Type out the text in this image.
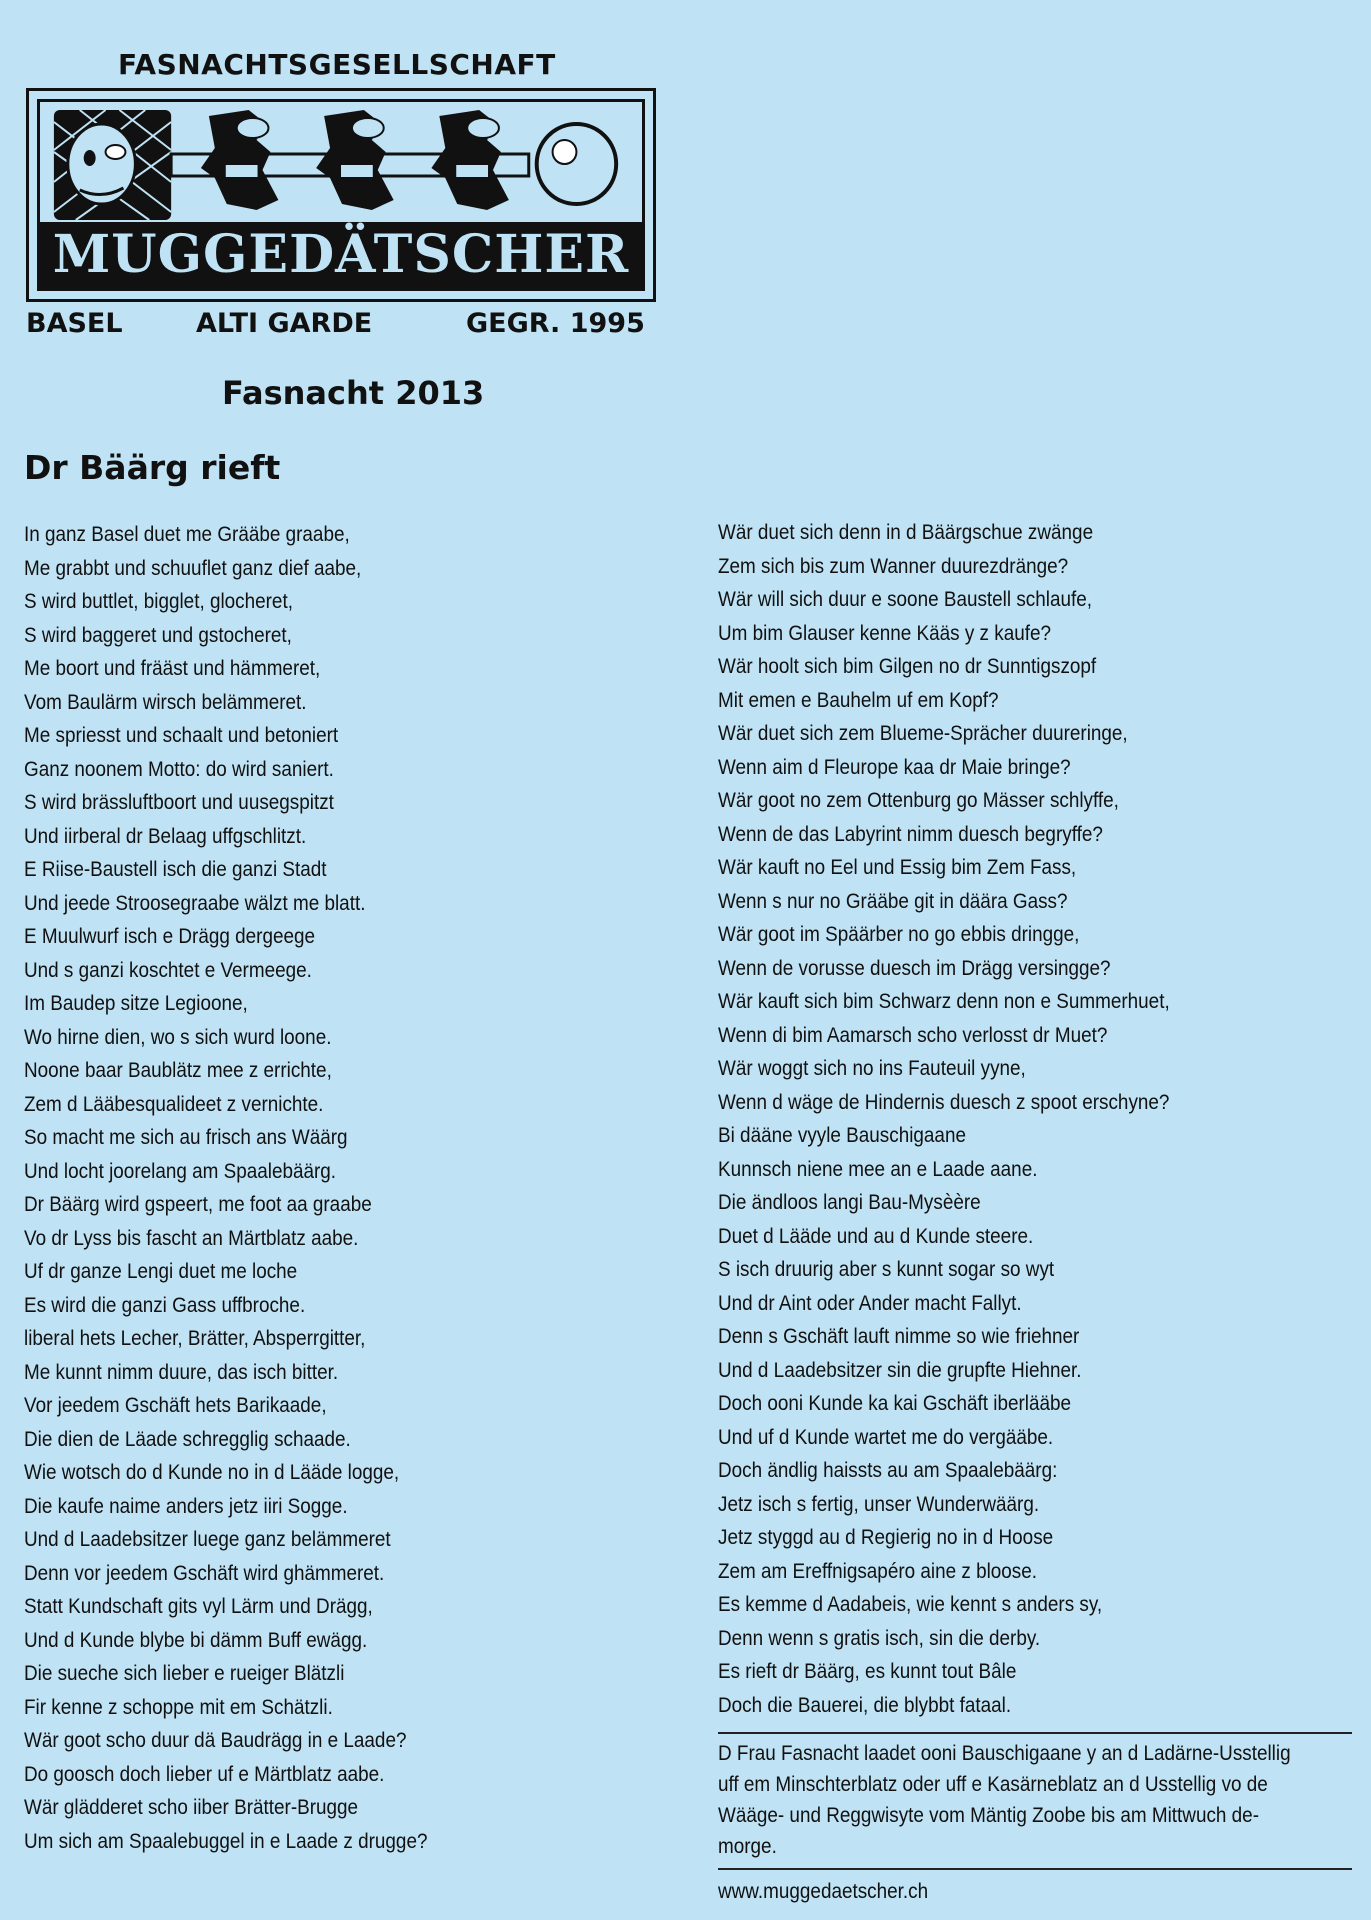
FASNACHTSGESELLSCHAFT
MUGGEDÄTSCHER
BASEL	ALTI GARDE	GEGR. 1995
Fasnacht 2013
Dr Bäärg rieft
In ganz Basel duet me Grääbe graabe,
Me grabbt und schuuflet ganz dief aabe,
S wird buttlet, bigglet, glocheret,
S wird baggeret und gstocheret,
Me boort und frääst und hämmeret,
Vom Baulärm wirsch belämmeret.
Me spriesst und schaalt und betoniert
Ganz noonem Motto: do wird saniert.
S wird brässluftboort und uusegspitzt
Und iirberal dr Belaag uffgschlitzt.
E Riise-Baustell isch die ganzi Stadt
Und jeede Stroosegraabe wälzt me blatt.
E Muulwurf isch e Drägg dergeege
Und s ganzi koschtet e Vermeege.
Im Baudep sitze Legioone,
Wo hirne dien, wo s sich wurd loone.
Noone baar Baublätz mee z errichte,
Zem d Lääbesqualideet z vernichte.
So macht me sich au frisch ans Wäärg
Und locht joorelang am Spaalebäärg.
Dr Bäärg wird gspeert, me foot aa graabe
Vo dr Lyss bis fascht an Märtblatz aabe.
Uf dr ganze Lengi duet me loche
Es wird die ganzi Gass uffbroche.
liberal hets Lecher, Brätter, Absperrgitter,
Me kunnt nimm duure, das isch bitter.
Vor jeedem Gschäft hets Barikaade,
Die dien de Läade schregglig schaade.
Wie wotsch do d Kunde no in d Lääde logge,
Die kaufe naime anders jetz iiri Sogge.
Und d Laadebsitzer luege ganz belämmeret
Denn vor jeedem Gschäft wird ghämmeret.
Statt Kundschaft gits vyl Lärm und Drägg,
Und d Kunde blybe bi dämm Buff ewägg.
Die sueche sich lieber e rueiger Blätzli
Fir kenne z schoppe mit em Schätzli.
Wär goot scho duur dä Baudrägg in e Laade?
Do goosch doch lieber uf e Märtblatz aabe.
Wär glädderet scho iiber Brätter-Brugge
Um sich am Spaalebuggel in e Laade z drugge?
Wär duet sich denn in d Bäärgschue zwänge
Zem sich bis zum Wanner duurezdränge?
Wär will sich duur e soone Baustell schlaufe,
Um bim Glauser kenne Kääs y z kaufe?
Wär hoolt sich bim Gilgen no dr Sunntigszopf
Mit emen e Bauhelm uf em Kopf?
Wär duet sich zem Blueme-Sprächer duureringe,
Wenn aim d Fleurope kaa dr Maie bringe?
Wär goot no zem Ottenburg go Mässer schlyffe,
Wenn de das Labyrint nimm duesch begryffe?
Wär kauft no Eel und Essig bim Zem Fass,
Wenn s nur no Grääbe git in däära Gass?
Wär goot im Späärber no go ebbis dringge,
Wenn de vorusse duesch im Drägg versingge?
Wär kauft sich bim Schwarz denn non e Summerhuet,
Wenn di bim Aamarsch scho verlosst dr Muet?
Wär woggt sich no ins Fauteuil yyne,
Wenn d wäge de Hindernis duesch z spoot erschyne?
Bi dääne vyyle Bauschigaane
Kunnsch niene mee an e Laade aane.
Die ändloos langi Bau-Mysèère
Duet d Lääde und au d Kunde steere.
S isch druurig aber s kunnt sogar so wyt
Und dr Aint oder Ander macht Fallyt.
Denn s Gschäft lauft nimme so wie friehner
Und d Laadebsitzer sin die grupfte Hiehner.
Doch ooni Kunde ka kai Gschäft iberlääbe
Und uf d Kunde wartet me do vergääbe.
Doch ändlig haissts au am Spaalebäärg:
Jetz isch s fertig, unser Wunderwäärg.
Jetz styggd au d Regierig no in d Hoose
Zem am Ereffnigsapéro aine z bloose.
Es kemme d Aadabeis, wie kennt s anders sy,
Denn wenn s gratis isch, sin die derby.
Es rieft dr Bäärg, es kunnt tout Bâle
Doch die Bauerei, die blybbt fataal.
D Frau Fasnacht laadet ooni Bauschigaane y an d Ladärne-Usstellig
uff em Minschterblatz oder uff e Kasärneblatz an d Usstellig vo de
Wääge- und Reggwisyte vom Mäntig Zoobe bis am Mittwuch de-
morge.
www.muggedaetscher.ch
